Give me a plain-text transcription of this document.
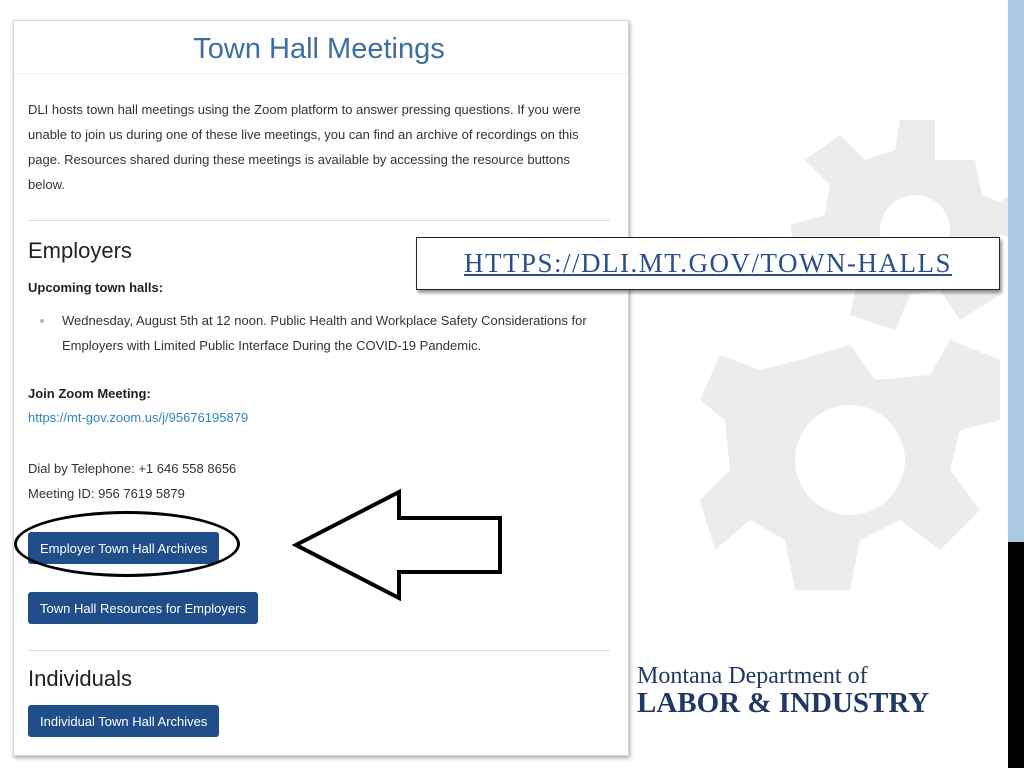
Town Hall Meetings

DLI hosts town hall meetings using the Zoom platform to answer pressing questions. If you were unable to join us during one of these live meetings, you can find an archive of recordings on this page. Resources shared during these meetings is available by accessing the resource buttons below.

Employers
Upcoming town halls:
Wednesday, August 5th at 12 noon. Public Health and Workplace Safety Considerations for Employers with Limited Public Interface During the COVID-19 Pandemic.
Join Zoom Meeting:
https://mt-gov.zoom.us/j/95676195879
Dial by Telephone: +1 646 558 8656
Meeting ID: 956 7619 5879
Employer Town Hall Archives
Town Hall Resources for Employers
Individuals
Individual Town Hall Archives
HTTPS://DLI.MT.GOV/TOWN-HALLS
Montana Department of
LABOR & INDUSTRY
